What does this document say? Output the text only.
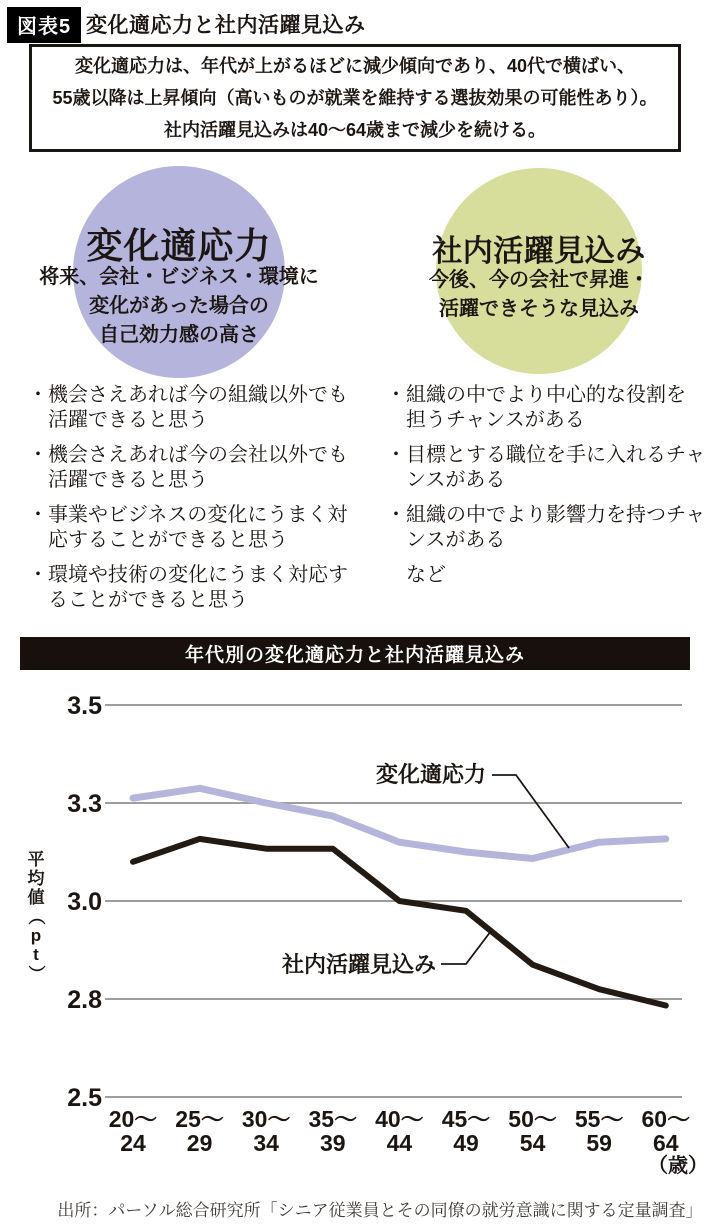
図表5 変化適応力と社内活躍見込み
変化適応力は、年代が上がるほどに減少傾向であり、40代で横ばい、
55歳以降は上昇傾向（高いものが就業を維持する選抜効果の可能性あり）。
社内活躍見込みは40～64歳まで減少を続ける。
変化適応力	社内活躍見込み
将来、会社・ビジネス・環境に
変化があった場合の
自己効力感の高さ
今後、今の会社で昇進・
活躍できそうな見込み
・機会さえあれば今の組織以外でも
　活躍できると思う
・機会さえあれば今の会社以外でも
　活躍できると思う
・事業やビジネスの変化にうまく対
　応することができると思う
・環境や技術の変化にうまく対応す
　ることができると思う
・組織の中でより中心的な役割を
　担うチャンスがある
・目標とする職位を手に入れるチャ
　ンスがある
・組織の中でより影響力を持つチャ
　ンスがある
　など
年代別の変化適応力と社内活躍見込み
3.5
3.3
3.0
2.8
2.5
変化適応力
社内活躍見込み
20～
24
25～
29
30～
34
35～
39
40～
44
45～
49
50～
54
55～
59
60～
64
（歳）
平
均
値
（
p
t
）
出所：パーソル総合研究所「シニア従業員とその同僚の就労意識に関する定量調査」
